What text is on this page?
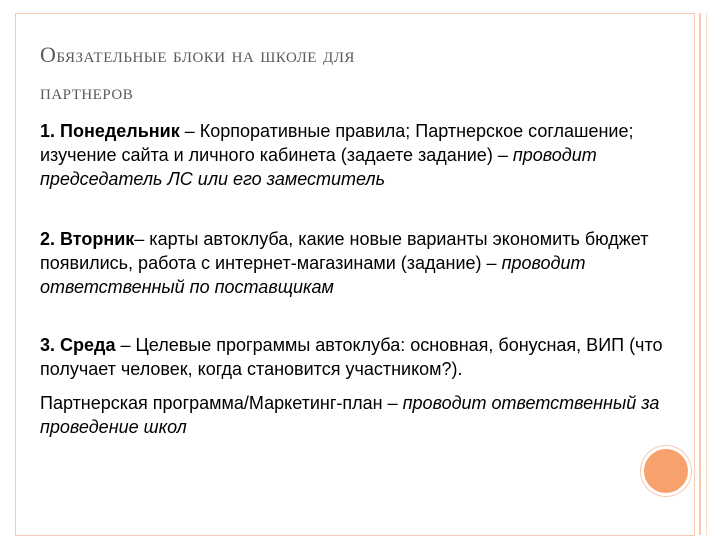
Обязательные блоки на школе для
партнеров

1. Понедельник – Корпоративные правила; Партнерское соглашение; изучение сайта и личного кабинета (задаете задание) – проводит председатель ЛС или его заместитель

2. Вторник– карты автоклуба, какие новые варианты экономить бюджет появились, работа с интернет-магазинами (задание) – проводит ответственный по поставщикам

3. Среда – Целевые программы автоклуба: основная, бонусная, ВИП (что получает человек, когда становится участником?).

Партнерская программа/Маркетинг-план – проводит ответственный за проведение школ
